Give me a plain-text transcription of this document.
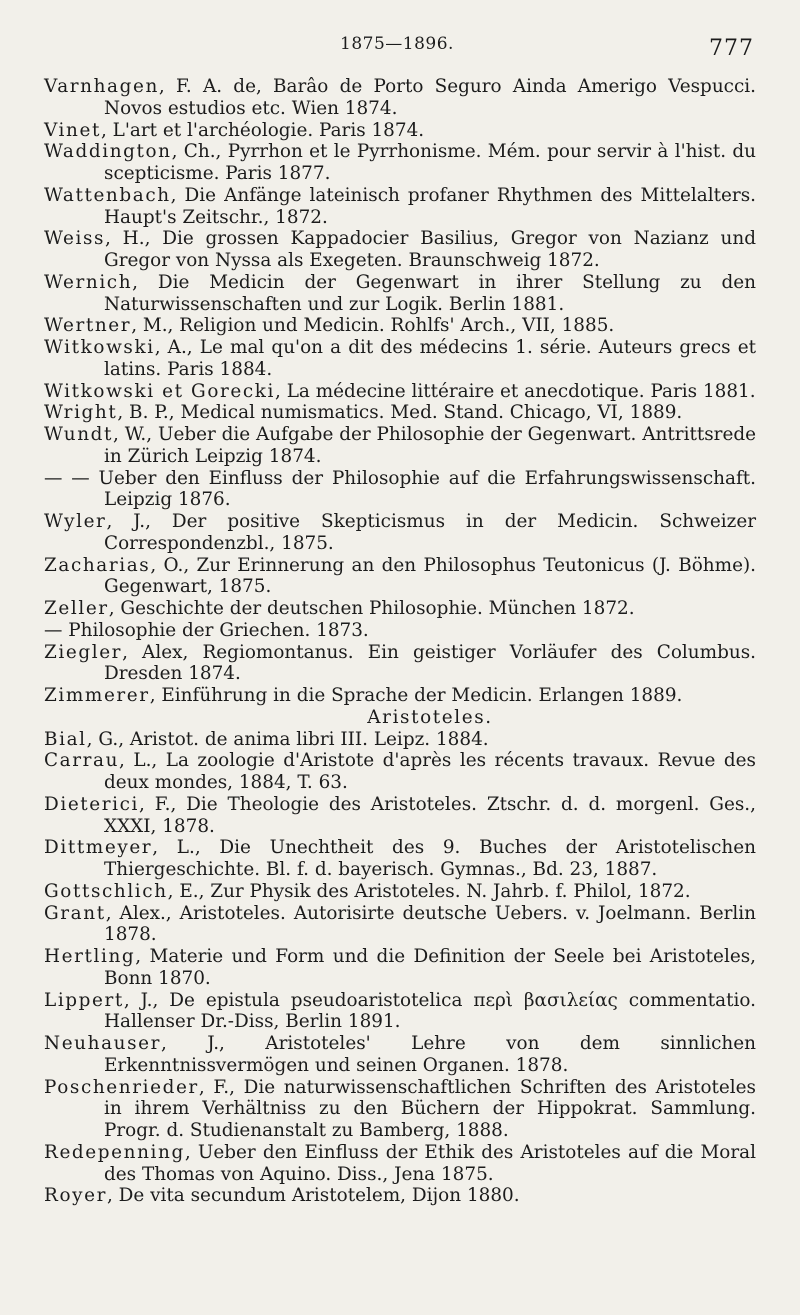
1875—1896.	777
Varnhagen, F. A. de, Barâo de Porto Seguro Ainda Amerigo Vespucci. Novos estudios etc. Wien 1874.
Vinet, L'art et l'archéologie. Paris 1874.
Waddington, Ch., Pyrrhon et le Pyrrhonisme. Mém. pour servir à l'hist. du scepticisme. Paris 1877.
Wattenbach, Die Anfänge lateinisch profaner Rhythmen des Mittelalters. Haupt's Zeitschr., 1872.
Weiss, H., Die grossen Kappadocier Basilius, Gregor von Nazianz und Gregor von Nyssa als Exegeten. Braunschweig 1872.
Wernich, Die Medicin der Gegenwart in ihrer Stellung zu den Naturwissenschaften und zur Logik. Berlin 1881.
Wertner, M., Religion und Medicin. Rohlfs' Arch., VII, 1885.
Witkowski, A., Le mal qu'on a dit des médecins 1. série. Auteurs grecs et latins. Paris 1884.
Witkowski et Gorecki, La médecine littéraire et anecdotique. Paris 1881.
Wright, B. P., Medical numismatics. Med. Stand. Chicago, VI, 1889.
Wundt, W., Ueber die Aufgabe der Philosophie der Gegenwart. Antrittsrede in Zürich Leipzig 1874.
— — Ueber den Einfluss der Philosophie auf die Erfahrungswissenschaft. Leipzig 1876.
Wyler, J., Der positive Skepticismus in der Medicin. Schweizer Correspondenzbl., 1875.
Zacharias, O., Zur Erinnerung an den Philosophus Teutonicus (J. Böhme). Gegenwart, 1875.
Zeller, Geschichte der deutschen Philosophie. München 1872.
— Philosophie der Griechen. 1873.
Ziegler, Alex, Regiomontanus. Ein geistiger Vorläufer des Columbus. Dresden 1874.
Zimmerer, Einführung in die Sprache der Medicin. Erlangen 1889.
Aristoteles.
Bial, G., Aristot. de anima libri III. Leipz. 1884.
Carrau, L., La zoologie d'Aristote d'après les récents travaux. Revue des deux mondes, 1884, T. 63.
Dieterici, F., Die Theologie des Aristoteles. Ztschr. d. d. morgenl. Ges., XXXI, 1878.
Dittmeyer, L., Die Unechtheit des 9. Buches der Aristotelischen Thiergeschichte. Bl. f. d. bayerisch. Gymnas., Bd. 23, 1887.
Gottschlich, E., Zur Physik des Aristoteles. N. Jahrb. f. Philol, 1872.
Grant, Alex., Aristoteles. Autorisirte deutsche Uebers. v. Joelmann. Berlin 1878.
Hertling, Materie und Form und die Definition der Seele bei Aristoteles, Bonn 1870.
Lippert, J., De epistula pseudoaristotelica περὶ βασιλείας commentatio. Hallenser Dr.-Diss, Berlin 1891.
Neuhauser, J., Aristoteles' Lehre von dem sinnlichen Erkenntnissvermögen und seinen Organen. 1878.
Poschenrieder, F., Die naturwissenschaftlichen Schriften des Aristoteles in ihrem Verhältniss zu den Büchern der Hippokrat. Sammlung. Progr. d. Studienanstalt zu Bamberg, 1888.
Redepenning, Ueber den Einfluss der Ethik des Aristoteles auf die Moral des Thomas von Aquino. Diss., Jena 1875.
Royer, De vita secundum Aristotelem, Dijon 1880.
